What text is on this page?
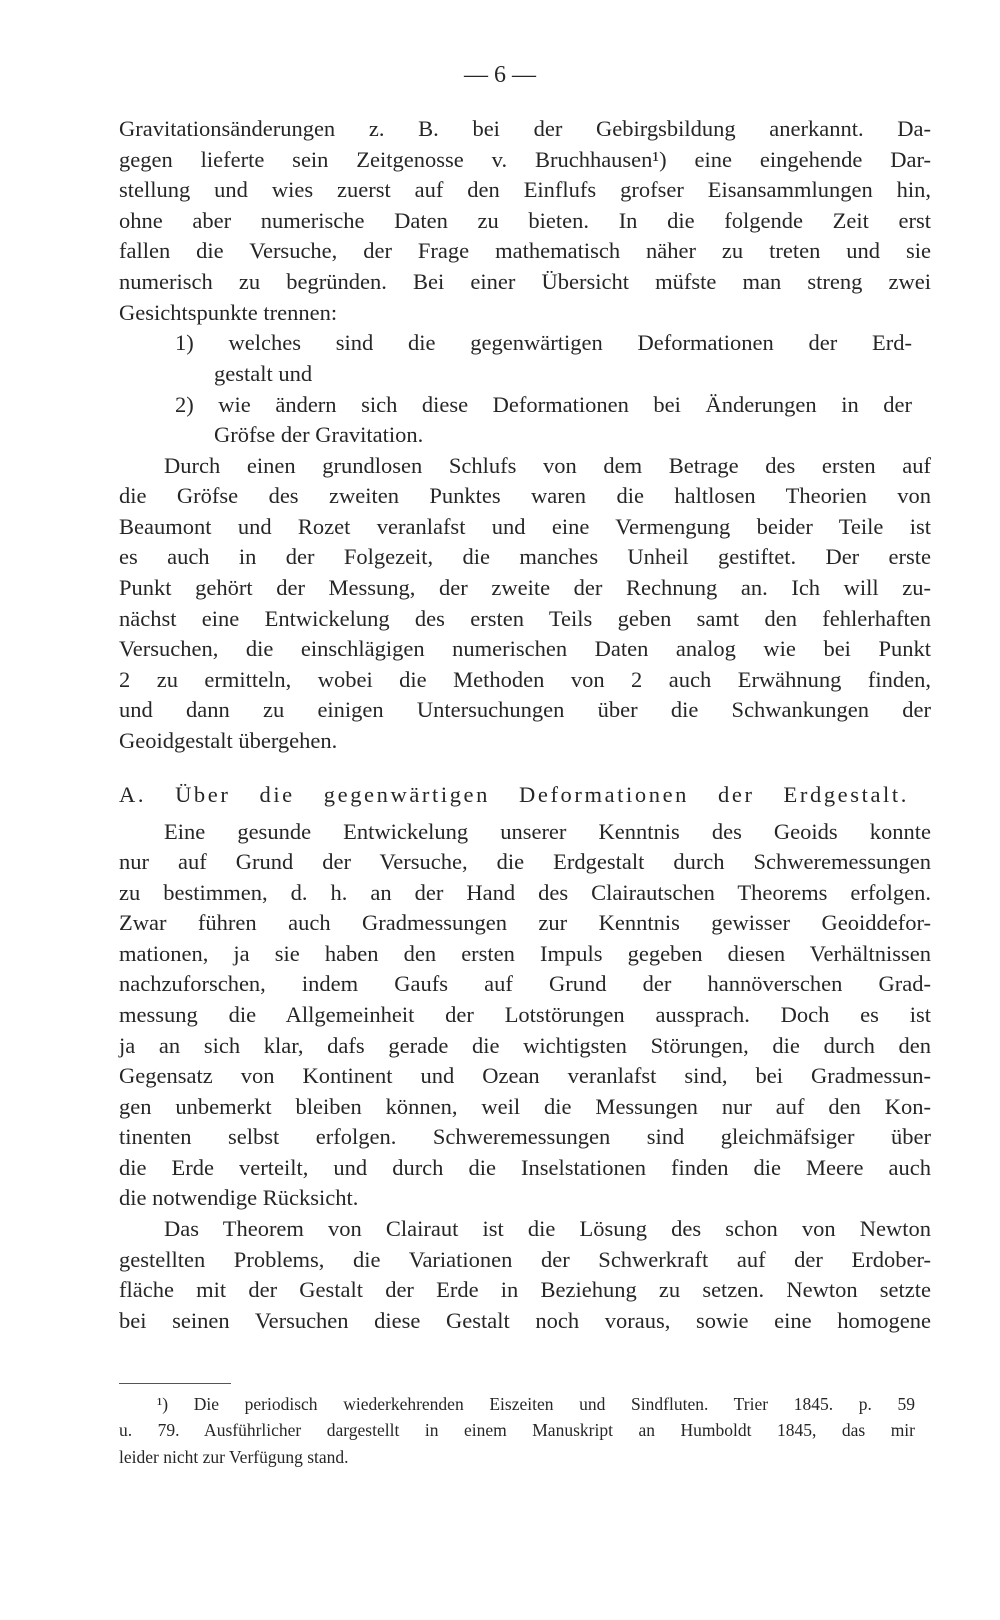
— 6 —
Gravitationsänderungen z. B. bei der Gebirgsbildung anerkannt. Da-
gegen lieferte sein Zeitgenosse v. Bruchhausen¹) eine eingehende Dar-
stellung und wies zuerst auf den Einflufs grofser Eisansammlungen hin,
ohne aber numerische Daten zu bieten. In die folgende Zeit erst
fallen die Versuche, der Frage mathematisch näher zu treten und sie
numerisch zu begründen. Bei einer Übersicht müfste man streng zwei
Gesichtspunkte trennen:
1) welches sind die gegenwärtigen Deformationen der Erd-
gestalt und
2) wie ändern sich diese Deformationen bei Änderungen in der
Gröfse der Gravitation.
Durch einen grundlosen Schlufs von dem Betrage des ersten auf
die Gröfse des zweiten Punktes waren die haltlosen Theorien von
Beaumont und Rozet veranlafst und eine Vermengung beider Teile ist
es auch in der Folgezeit, die manches Unheil gestiftet. Der erste
Punkt gehört der Messung, der zweite der Rechnung an. Ich will zu-
nächst eine Entwickelung des ersten Teils geben samt den fehlerhaften
Versuchen, die einschlägigen numerischen Daten analog wie bei Punkt
2 zu ermitteln, wobei die Methoden von 2 auch Erwähnung finden,
und dann zu einigen Untersuchungen über die Schwankungen der
Geoidgestalt übergehen.
A. Über die gegenwärtigen Deformationen der Erdgestalt.
Eine gesunde Entwickelung unserer Kenntnis des Geoids konnte
nur auf Grund der Versuche, die Erdgestalt durch Schweremessungen
zu bestimmen, d. h. an der Hand des Clairautschen Theorems erfolgen.
Zwar führen auch Gradmessungen zur Kenntnis gewisser Geoiddefor-
mationen, ja sie haben den ersten Impuls gegeben diesen Verhältnissen
nachzuforschen, indem Gaufs auf Grund der hannöverschen Grad-
messung die Allgemeinheit der Lotstörungen aussprach. Doch es ist
ja an sich klar, dafs gerade die wichtigsten Störungen, die durch den
Gegensatz von Kontinent und Ozean veranlafst sind, bei Gradmessun-
gen unbemerkt bleiben können, weil die Messungen nur auf den Kon-
tinenten selbst erfolgen. Schweremessungen sind gleichmäfsiger über
die Erde verteilt, und durch die Inselstationen finden die Meere auch
die notwendige Rücksicht.
Das Theorem von Clairaut ist die Lösung des schon von Newton
gestellten Problems, die Variationen der Schwerkraft auf der Erdober-
fläche mit der Gestalt der Erde in Beziehung zu setzen. Newton setzte
bei seinen Versuchen diese Gestalt noch voraus, sowie eine homogene
¹) Die periodisch wiederkehrenden Eiszeiten und Sindfluten. Trier 1845. p. 59
u. 79. Ausführlicher dargestellt in einem Manuskript an Humboldt 1845, das mir
leider nicht zur Verfügung stand.
